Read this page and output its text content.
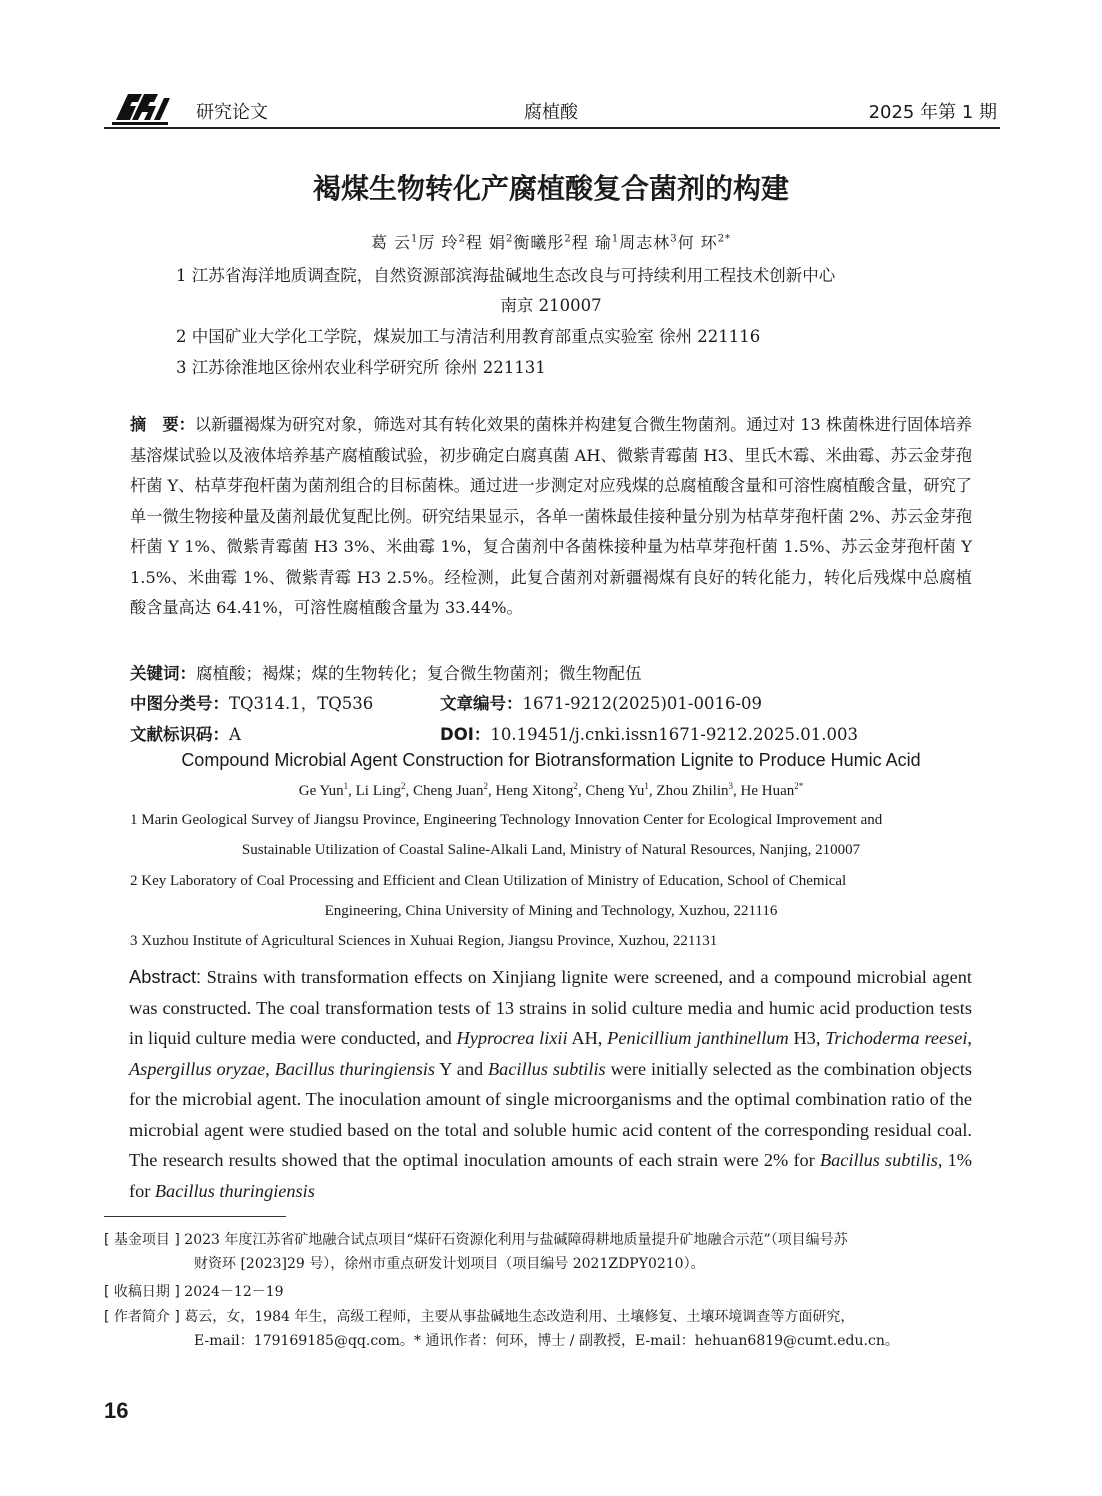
研究论文	腐植酸	2025 年第 1 期
褐煤生物转化产腐植酸复合菌剂的构建
葛 云$^1$厉 玲$^2$程 娟$^2$衡曦彤$^2$程 瑜$^1$周志林$^3$何 环$^{2*}$
1 江苏省海洋地质调查院，自然资源部滨海盐碱地生态改良与可持续利用工程技术创新中心
南京 210007
2 中国矿业大学化工学院，煤炭加工与清洁利用教育部重点实验室 徐州 221116
3 江苏徐淮地区徐州农业科学研究所 徐州 221131
摘　要：以新疆褐煤为研究对象，筛选对其有转化效果的菌株并构建复合微生物菌剂。通过对 13 株菌株进行固体培养基溶煤试验以及液体培养基产腐植酸试验，初步确定白腐真菌 AH、微紫青霉菌 H3、里氏木霉、米曲霉、苏云金芽孢杆菌 Y、枯草芽孢杆菌为菌剂组合的目标菌株。通过进一步测定对应残煤的总腐植酸含量和可溶性腐植酸含量，研究了单一微生物接种量及菌剂最优复配比例。研究结果显示，各单一菌株最佳接种量分别为枯草芽孢杆菌 2%、苏云金芽孢杆菌 Y 1%、微紫青霉菌 H3 3%、米曲霉 1%，复合菌剂中各菌株接种量为枯草芽孢杆菌 1.5%、苏云金芽孢杆菌 Y 1.5%、米曲霉 1%、微紫青霉 H3 2.5%。经检测，此复合菌剂对新疆褐煤有良好的转化能力，转化后残煤中总腐植酸含量高达 64.41%，可溶性腐植酸含量为 33.44%。
关键词：腐植酸；褐煤；煤的生物转化；复合微生物菌剂；微生物配伍
中图分类号：TQ314.1，TQ536	文章编号：1671-9212(2025)01-0016-09
文献标识码：A	DOI：10.19451/j.cnki.issn1671-9212.2025.01.003
Compound Microbial Agent Construction for Biotransformation Lignite to Produce Humic Acid
Ge Yun$^1$, Li Ling$^2$, Cheng Juan$^2$, Heng Xitong$^2$, Cheng Yu$^1$, Zhou Zhilin$^3$, He Huan$^{2*}$
1 Marin Geological Survey of Jiangsu Province, Engineering Technology Innovation Center for Ecological Improvement and
Sustainable Utilization of Coastal Saline-Alkali Land, Ministry of Natural Resources, Nanjing, 210007
2 Key Laboratory of Coal Processing and Efficient and Clean Utilization of Ministry of Education, School of Chemical
Engineering, China University of Mining and Technology, Xuzhou, 221116
3 Xuzhou Institute of Agricultural Sciences in Xuhuai Region, Jiangsu Province, Xuzhou, 221131
Abstract: Strains with transformation effects on Xinjiang lignite were screened, and a compound microbial agent was constructed. The coal transformation tests of 13 strains in solid culture media and humic acid production tests in liquid culture media were conducted, and Hyprocrea lixii AH, Penicillium janthinellum H3, Trichoderma reesei, Aspergillus oryzae, Bacillus thuringiensis Y and Bacillus subtilis were initially selected as the combination objects for the microbial agent. The inoculation amount of single microorganisms and the optimal combination ratio of the microbial agent were studied based on the total and soluble humic acid content of the corresponding residual coal. The research results showed that the optimal inoculation amounts of each strain were 2% for Bacillus subtilis, 1% for Bacillus thuringiensis
[ 基金项目 ] 2023 年度江苏省矿地融合试点项目“煤矸石资源化利用与盐碱障碍耕地质量提升矿地融合示范”（项目编号苏
财资环 [2023]29 号），徐州市重点研发计划项目（项目编号 2021ZDPY0210）。
[ 收稿日期 ] 2024－12－19
[ 作者简介 ] 葛云，女，1984 年生，高级工程师，主要从事盐碱地生态改造利用、土壤修复、土壤环境调查等方面研究，
E-mail：179169185@qq.com。* 通讯作者：何环，博士 / 副教授，E-mail：hehuan6819@cumt.edu.cn。
16
